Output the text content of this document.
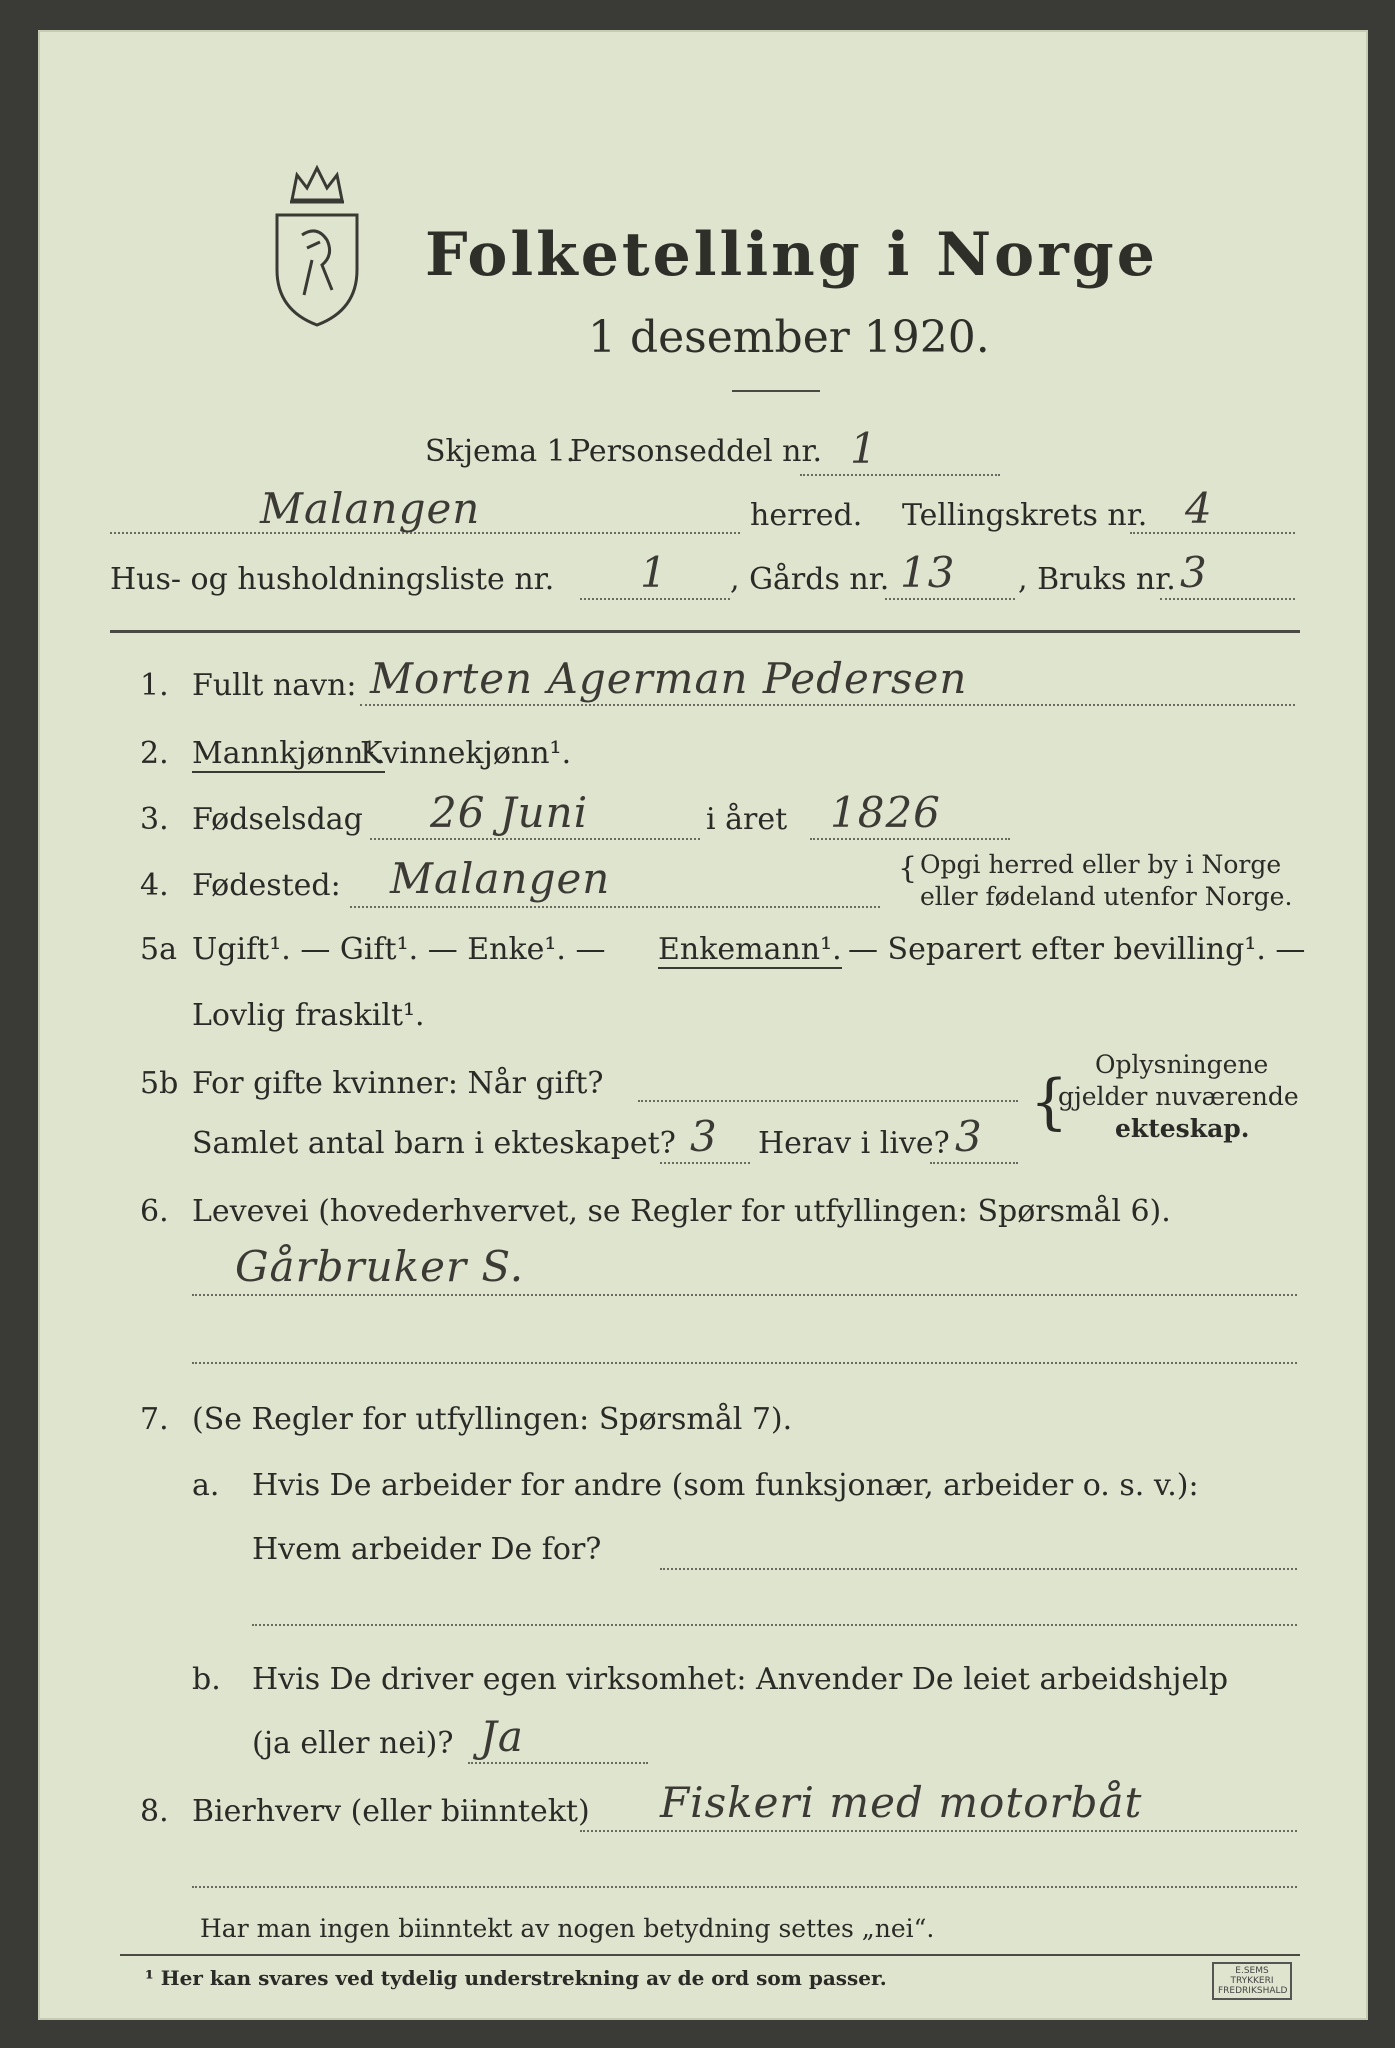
Folketelling i Norge
1 desember 1920.
Skjema 1.
Personseddel nr. 1
Malangen	herred. Tellingskrets nr. 4
Hus- og husholdningsliste nr. 1 , Gårds nr. 13 , Bruks nr. 3
1. Fullt navn: Morten Agerman Pedersen
2. Mannkjønn¹.
Kvinnekjønn¹.
3. Fødselsdag 26 Juni	i året 1826
4. Fødested: Malangen	{ Opgi herred eller by i Norge
eller fødeland utenfor Norge.
5a Ugift¹. — Gift¹. — Enke¹. — Enkemann¹. — Separert efter bevilling¹. —
Lovlig fraskilt¹.
5b For gifte kvinner: Når gift?
Samlet antal barn i ekteskapet? 3 Herav i live? 3 {
Oplysningene
gjelder nuværende
ekteskap.
6. Levevei (hovederhvervet, se Regler for utfyllingen: Spørsmål 6).
Gårbruker S.
7. (Se Regler for utfyllingen: Spørsmål 7).
a. Hvis De arbeider for andre (som funksjonær, arbeider o. s. v.):
Hvem arbeider De for?
b. Hvis De driver egen virksomhet: Anvender De leiet arbeidshjelp
(ja eller nei)? Ja
8. Bierhverv (eller biinntekt) Fiskeri med motorbåt
Har man ingen biinntekt av nogen betydning settes „nei“.
¹ Her kan svares ved tydelig understrekning av de ord som passer.	E.SEMS TRYKKERI FREDRIKSHALD
